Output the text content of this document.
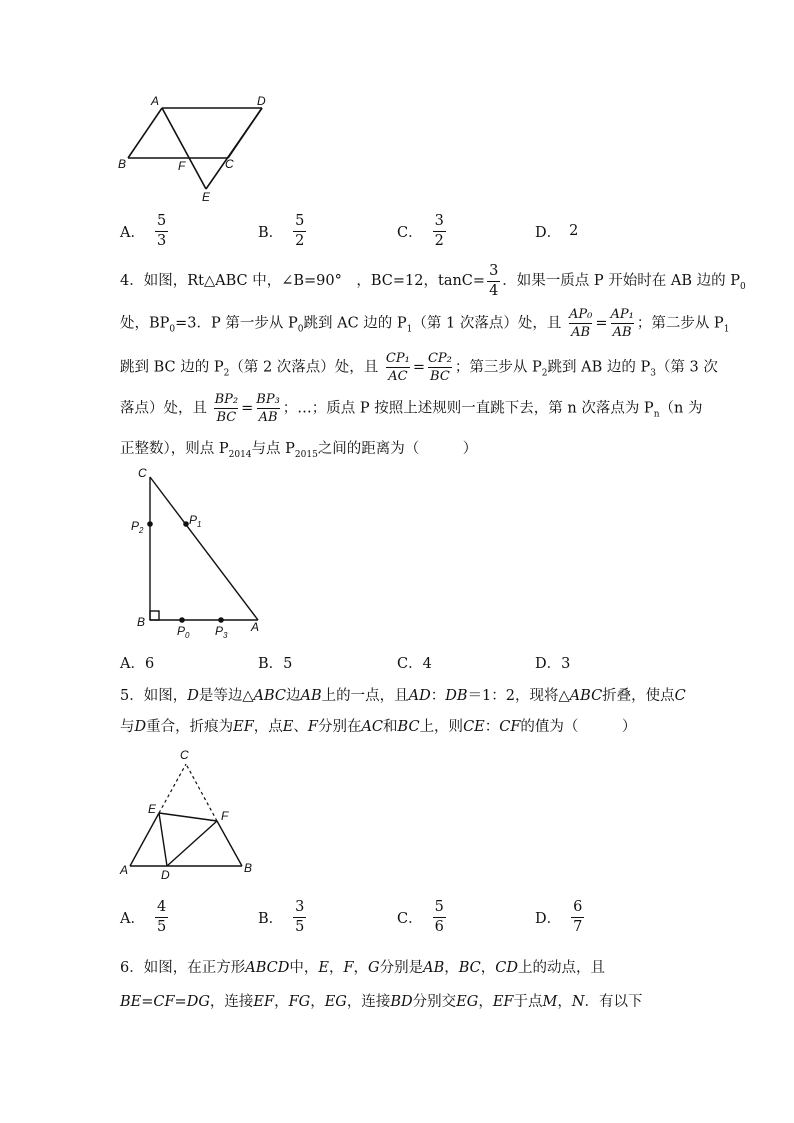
A	D
B	F	C
E
A． $\frac{5}{3}$	B． $\frac{5}{2}$	C． $\frac{3}{2}$	D． 2
4．如图，Rt△ABC 中，∠B=90°　，BC=12，$\tan C= \frac{3}{4}$ ．如果一质点 P 开始时在 AB 边的 $P_0$
处，$BP_0=3$．P 第一步从 $P_0$跳到 AC 边的 $P_1$（第 1 次落点）处，且 $\frac{\text{AP₀}}{AB} = \frac{\text{AP₁}}{AB}$ ；第二步从 $P_1$
跳到 BC 边的 $P_2$（第 2 次落点）处，且 $\frac{\text{CP₁}}{AC} = \frac{\text{CP₂}}{BC}$ ；第三步从 $P_2$跳到 AB 边的 $P_3$（第 3 次
落点）处，且 $\frac{\text{BP₂}}{BC} = \frac{\text{BP₃}}{AB}$ ；…；质点 P 按照上述规则一直跳下去，第 n 次落点为 $P_n(n$ 为
正整数），则点 $P_{2014}$与点 $P_{2015}$之间的距离为（　　　）
C
$P_1$
$P_2$
B
$P_0$ $P_3$
A
A．6	B．5	C．4	D．3
5．如图，D是等边△ABC边AB上的一点，且AD：DB＝1：2，现将△ABC折叠，使点C
与D重合，折痕为EF，点E、F分别在AC和BC上，则CE：CF的值为（　　　）
C
E	F
A	D	B
A． $\frac{4}{5}$	B． $\frac{3}{5}$	C． $\frac{5}{6}$	D． $\frac{6}{7}$
6．如图，在正方形ABCD中，E，F，G分别是AB，BC，CD上的动点，且
BE=CF=DG，连接EF，FG，EG，连接BD分别交EG，EF于点M，N．有以下
